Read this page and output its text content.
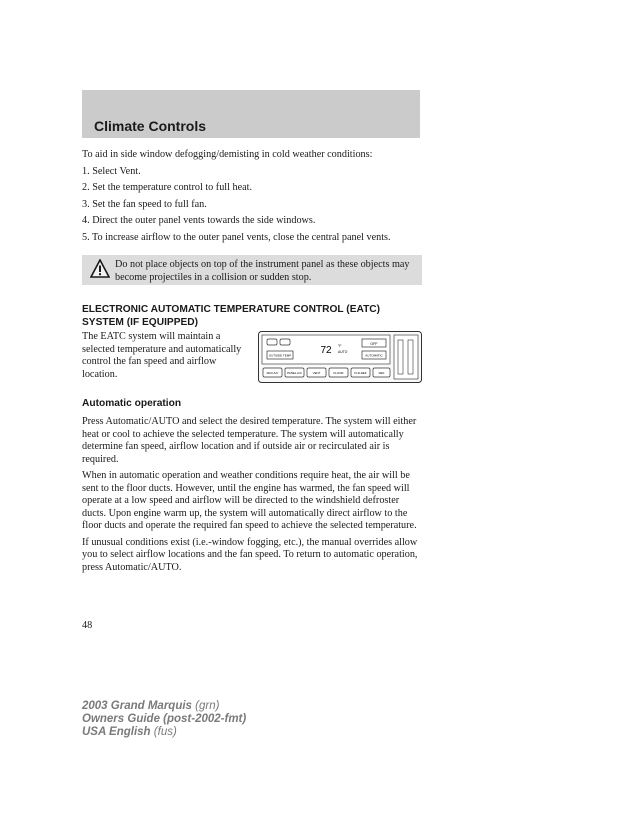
Climate Controls

To aid in side window defogging/demisting in cold weather conditions:

1. Select Vent.

2. Set the temperature control to full heat.

3. Set the fan speed to full fan.

4. Direct the outer panel vents towards the side windows.

5. To increase airflow to the outer panel vents, close the central panel vents.

Do not place objects on top of the instrument panel as these objects may become projectiles in a collision or sudden stop.
ELECTRONIC AUTOMATIC TEMPERATURE CONTROL (EATC) SYSTEM (IF EQUIPPED)
The EATC system will maintain a selected temperature and automatically control the fan speed and airflow location.
OFF
72 °F
AUTO
OUTSIDE TEMP	AUTOMATIC
MAX A/C	PANEL A/C	VENT	FLOOR	FLR-DEF	DEF
Automatic operation

Press Automatic/AUTO and select the desired temperature. The system will either heat or cool to achieve the selected temperature. The system will automatically determine fan speed, airflow location and if outside air or recirculated air is required.

When in automatic operation and weather conditions require heat, the air will be sent to the floor ducts. However, until the engine has warmed, the fan speed will operate at a low speed and airflow will be directed to the windshield defroster ducts. Upon engine warm up, the system will automatically direct airflow to the floor ducts and operate the required fan speed to achieve the selected temperature.

If unusual conditions exist (i.e.-window fogging, etc.), the manual overrides allow you to select airflow locations and the fan speed. To return to automatic operation, press Automatic/AUTO.

48
2003 Grand Marquis (grn)
Owners Guide (post-2002-fmt)
USA English (fus)
